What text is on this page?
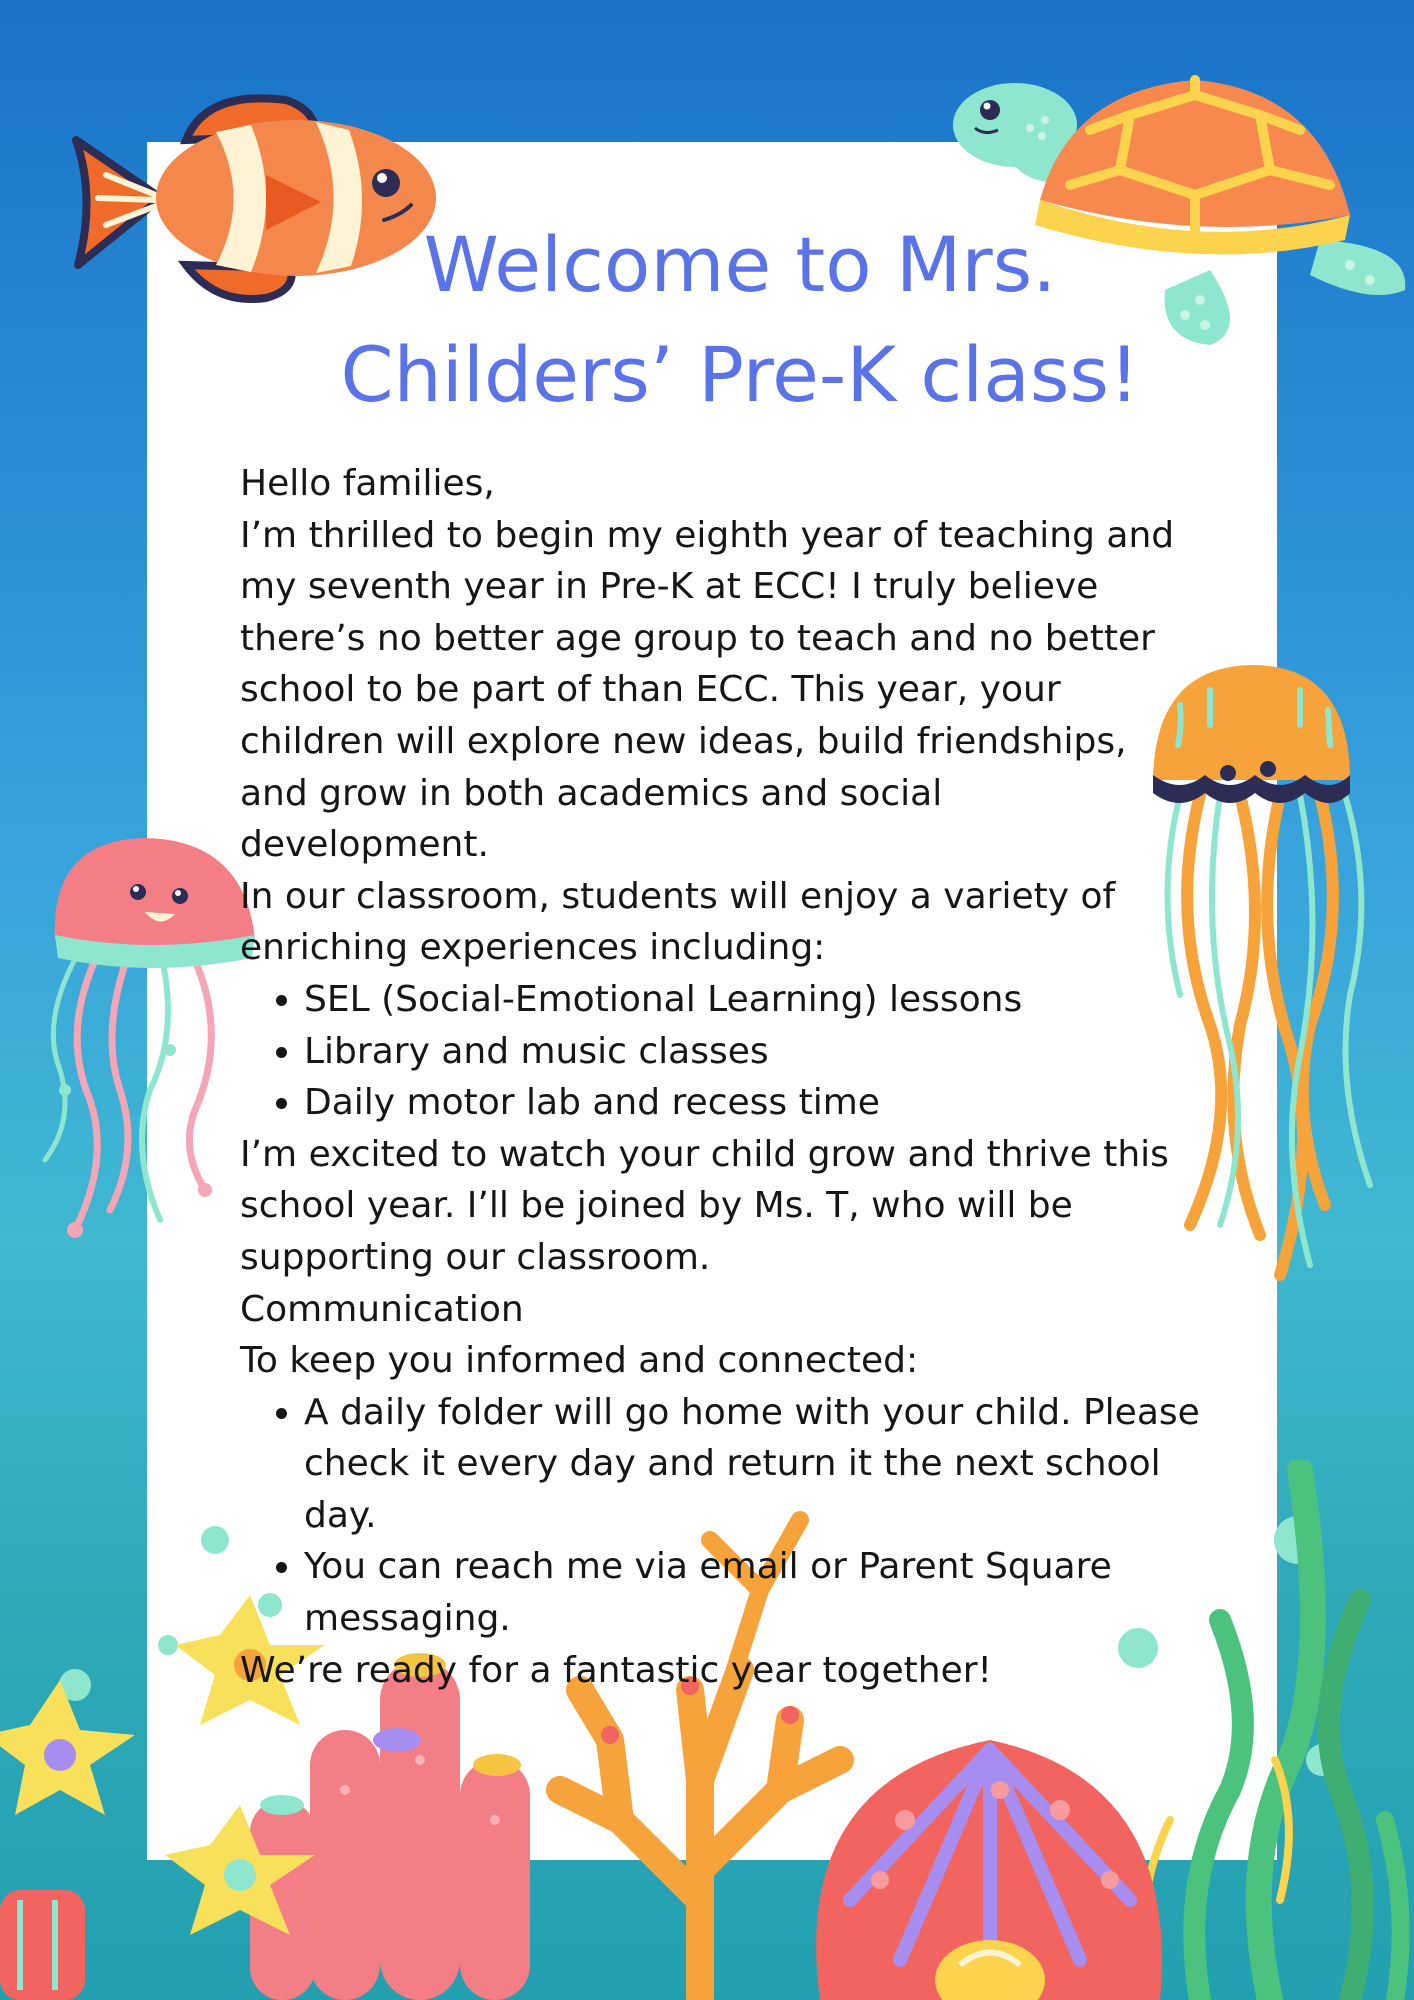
Welcome to Mrs.
Childers’ Pre-K class!

Hello families,

I’m thrilled to begin my eighth year of teaching and my seventh year in Pre-K at ECC! I truly believe there’s no better age group to teach and no better school to be part of than ECC. This year, your children will explore new ideas, build friendships, and grow in both academics and social development.

In our classroom, students will enjoy a variety of enriching experiences including:

• SEL (Social-Emotional Learning) lessons
• Library and music classes
• Daily motor lab and recess time

I’m excited to watch your child grow and thrive this school year. I’ll be joined by Ms. T, who will be supporting our classroom.

Communication

To keep you informed and connected:

• A daily folder will go home with your child. Please check it every day and return it the next school day.
• You can reach me via email or Parent Square messaging.

We’re ready for a fantastic year together!
